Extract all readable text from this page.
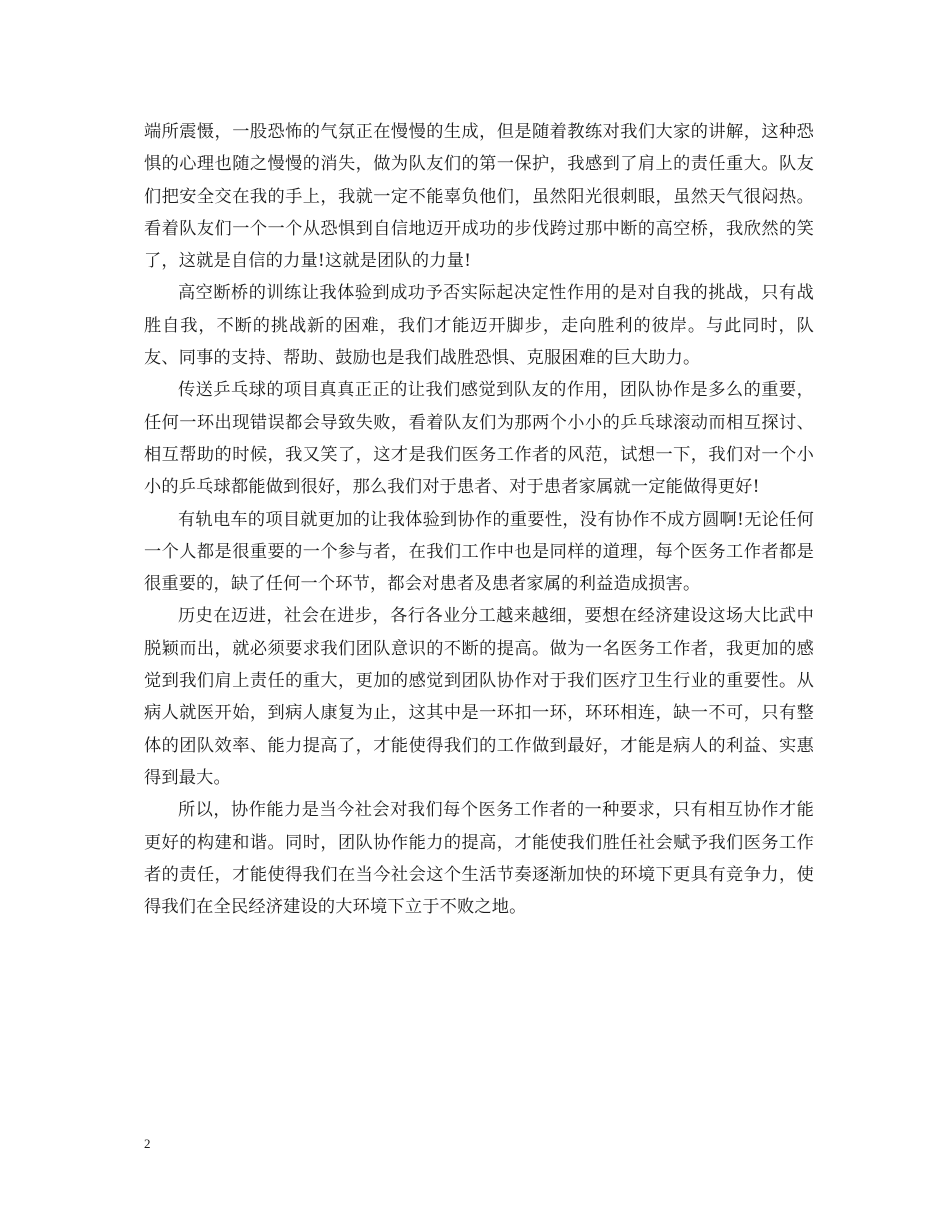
端所震慑，一股恐怖的气氛正在慢慢的生成，但是随着教练对我们大家的讲解，这种恐惧的心理也随之慢慢的消失，做为队友们的第一保护，我感到了肩上的责任重大。队友们把安全交在我的手上，我就一定不能辜负他们，虽然阳光很刺眼，虽然天气很闷热。看着队友们一个一个从恐惧到自信地迈开成功的步伐跨过那中断的高空桥，我欣然的笑了，这就是自信的力量!这就是团队的力量!

高空断桥的训练让我体验到成功予否实际起决定性作用的是对自我的挑战，只有战胜自我，不断的挑战新的困难，我们才能迈开脚步，走向胜利的彼岸。与此同时，队友、同事的支持、帮助、鼓励也是我们战胜恐惧、克服困难的巨大助力。

传送乒乓球的项目真真正正的让我们感觉到队友的作用，团队协作是多么的重要，任何一环出现错误都会导致失败，看着队友们为那两个小小的乒乓球滚动而相互探讨、相互帮助的时候，我又笑了，这才是我们医务工作者的风范，试想一下，我们对一个小小的乒乓球都能做到很好，那么我们对于患者、对于患者家属就一定能做得更好!

有轨电车的项目就更加的让我体验到协作的重要性，没有协作不成方圆啊!无论任何一个人都是很重要的一个参与者，在我们工作中也是同样的道理，每个医务工作者都是很重要的，缺了任何一个环节，都会对患者及患者家属的利益造成损害。

历史在迈进，社会在进步，各行各业分工越来越细，要想在经济建设这场大比武中脱颖而出，就必须要求我们团队意识的不断的提高。做为一名医务工作者，我更加的感觉到我们肩上责任的重大，更加的感觉到团队协作对于我们医疗卫生行业的重要性。从病人就医开始，到病人康复为止，这其中是一环扣一环，环环相连，缺一不可，只有整体的团队效率、能力提高了，才能使得我们的工作做到最好，才能是病人的利益、实惠得到最大。

所以，协作能力是当今社会对我们每个医务工作者的一种要求，只有相互协作才能更好的构建和谐。同时，团队协作能力的提高，才能使我们胜任社会赋予我们医务工作者的责任，才能使得我们在当今社会这个生活节奏逐渐加快的环境下更具有竞争力，使得我们在全民经济建设的大环境下立于不败之地。

2
